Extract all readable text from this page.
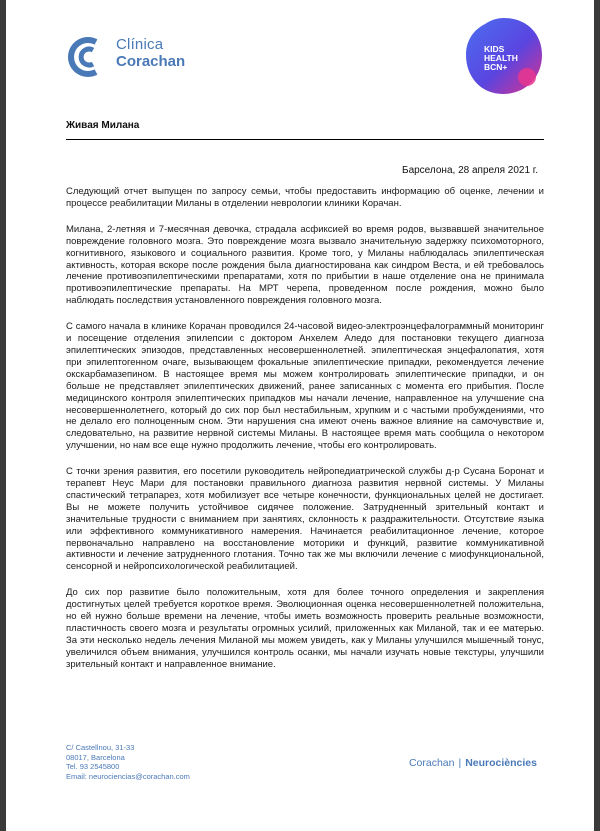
Clínica
Corachan
KIDS
HEALTH
BCN+
Живая Милана
Барселона, 28 апреля 2021 г.

Следующий отчет выпущен по запросу семьи, чтобы предоставить информацию об оценке, лечении и процессе реабилитации Миланы в отделении неврологии клиники Корачан.

Милана, 2-летняя и 7-месячная девочка, страдала асфиксией во время родов, вызвавшей значительное повреждение головного мозга. Это повреждение мозга вызвало значительную задержку психомоторного, когнитивного, языкового и социального развития. Кроме того, у Миланы наблюдалась эпилептическая активность, которая вскоре после рождения была диагностирована как синдром Веста, и ей требовалось лечение противоэпилептическими препаратами, хотя по прибытии в наше отделение она не принимала противоэпилептические препараты. На МРТ черепа, проведенном после рождения, можно было наблюдать последствия установленного повреждения головного мозга.

С самого начала в клинике Корачан проводился 24-часовой видео-электроэнцефалограммный мониторинг и посещение отделения эпилепсии с доктором Анхелем Аледо для постановки текущего диагноза эпилептических эпизодов, представленных несовершеннолетней. эпилептическая энцефалопатия, хотя при эпилептогенном очаге, вызывающем фокальные эпилептические припадки, рекомендуется лечение окскарбамазепином. В настоящее время мы можем контролировать эпилептические припадки, и он больше не представляет эпилептических движений, ранее записанных с момента его прибытия. После медицинского контроля эпилептических припадков мы начали лечение, направленное на улучшение сна несовершеннолетнего, который до сих пор был нестабильным, хрупким и с частыми пробуждениями, что не делало его полноценным сном. Эти нарушения сна имеют очень важное влияние на самочувствие и, следовательно, на развитие нервной системы Миланы. В настоящее время мать сообщила о некотором улучшении, но нам все еще нужно продолжить лечение, чтобы его контролировать.

С точки зрения развития, его посетили руководитель нейропедиатрической службы д-р Сусана Боронат и терапевт Неус Мари для постановки правильного диагноза развития нервной системы. У Миланы спастический тетрапарез, хотя мобилизует все четыре конечности, функциональных целей не достигает. Вы не можете получить устойчивое сидячее положение. Затрудненный зрительный контакт и значительные трудности с вниманием при занятиях, склонность к раздражительности. Отсутствие языка или эффективного коммуникативного намерения. Начинается реабилитационное лечение, которое первоначально направлено на восстановление моторики и функций, развитие коммуникативной активности и лечение затрудненного глотания. Точно так же мы включили лечение с миофункциональной, сенсорной и нейропсихологической реабилитацией.

До сих пор развитие было положительным, хотя для более точного определения и закрепления достигнутых целей требуется короткое время. Эволюционная оценка несовершеннолетней положительна, но ей нужно больше времени на лечение, чтобы иметь возможность проверить реальные возможности, пластичность своего мозга и результаты огромных усилий, приложенных как Миланой, так и ее матерью. За эти несколько недель лечения Миланой мы можем увидеть, как у Миланы улучшился мышечный тонус, увеличился объем внимания, улучшился контроль осанки, мы начали изучать новые текстуры, улучшили зрительный контакт и направленное внимание.

C/ Castellnou, 31-33
08017, Barcelona
Tel. 93 2545800
Email: neurociencias@corachan.com
Corachan | Neurociències
